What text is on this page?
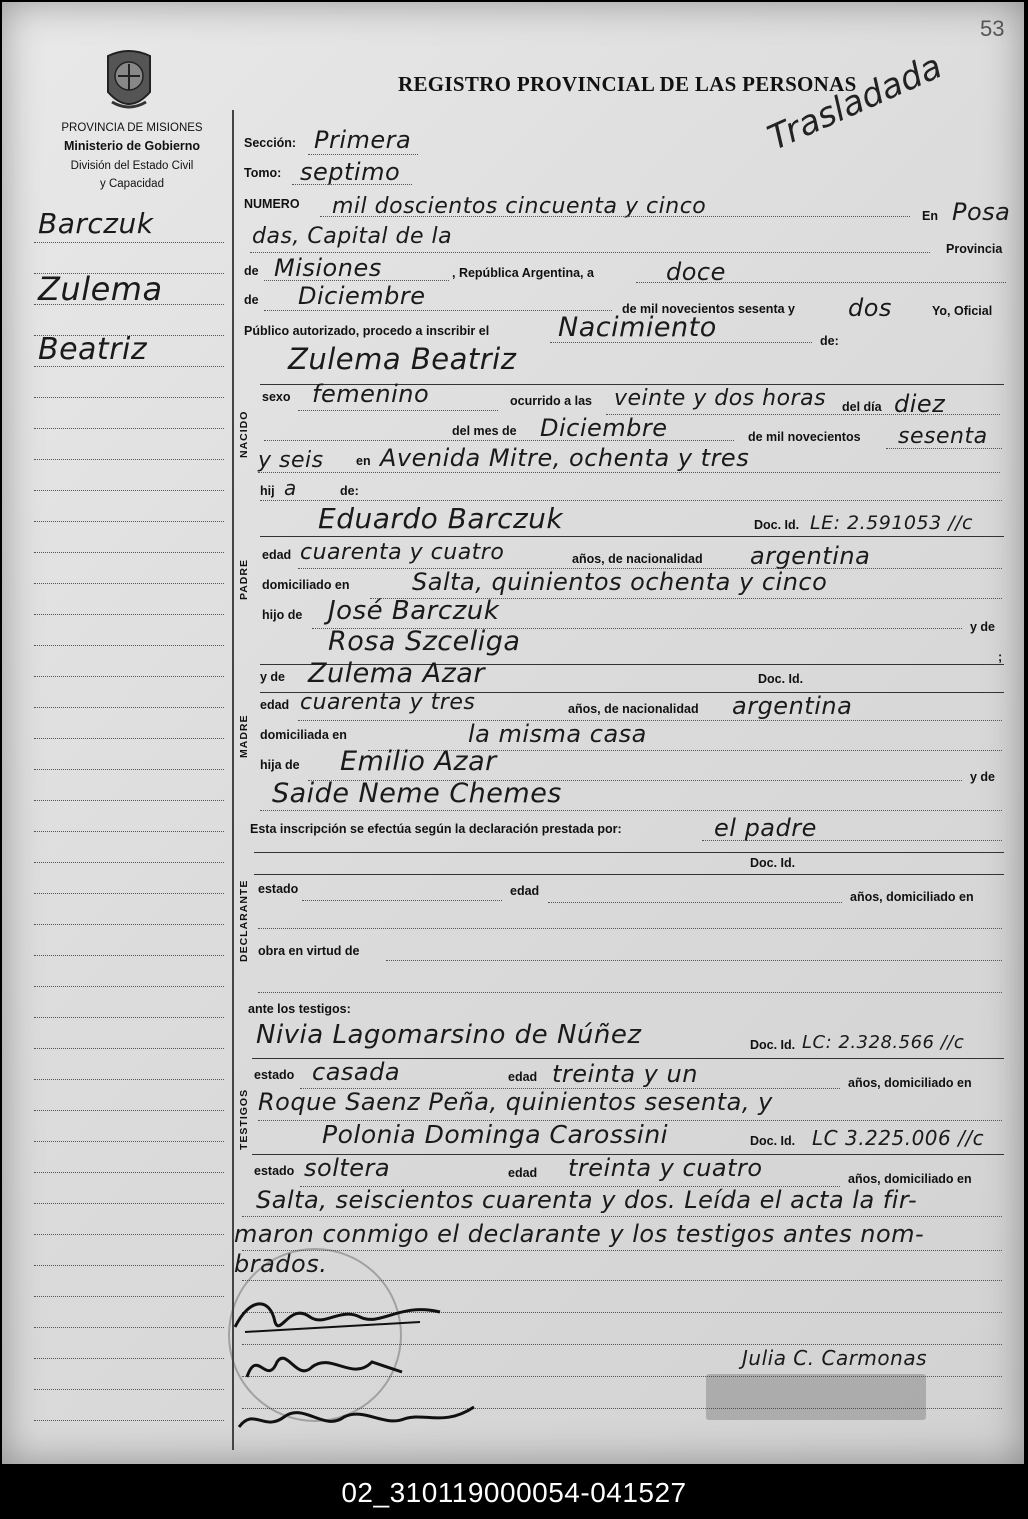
PROVINCIA DE MISIONES
Ministerio de Gobierno
División del Estado Civil
y Capacidad
REGISTRO PROVINCIAL DE LAS PERSONAS
53
Trasladada
Barczuk
Zulema
Beatriz
Sección: Primera
Tomo: septimo
NUMERO mil doscientos cincuenta y cinco	En Posa
das, Capital de la	Provincia
de Misiones	, República Argentina, a	doce
de Diciembre	de mil novecientos sesenta y dos	Yo, Oficial
Público autorizado, procedo a inscribir el	Nacimiento	de:
Zulema Beatriz
NACIDO
sexo femenino	ocurrido a las veinte y dos horas del día diez
del mes de Diciembre	de mil novecientos sesenta
y seis	en Avenida Mitre, ochenta y tres
hij a	de:
PADRE
Eduardo Barczuk	Doc. Id. LE: 2.591053 //c
edad cuarenta y cuatro	años, de nacionalidad argentina
domiciliado en	Salta, quinientos ochenta y cinco
hijo de José Barczuk
y de
Rosa Szceliga	;
MADRE
y de Zulema Azar	Doc. Id.
edad cuarenta y tres	años, de nacionalidad argentina
domiciliada en	la misma casa
hija de Emilio Azar	y de
Saide Neme Chemes
Esta inscripción se efectúa según la declaración prestada por:	el padre
DECLARANTE
Doc. Id.
estado	edad	años, domiciliado en
obra en virtud de
ante los testigos:
TESTIGOS
Nivia Lagomarsino de Núñez	Doc. Id. LC: 2.328.566 //c
estado casada	edad treinta y un	años, domiciliado en
Roque Saenz Peña, quinientos sesenta, y
Polonia Dominga Carossini	Doc. Id. LC 3.225.006 //c
estado soltera	edad treinta y cuatro	años, domiciliado en
Salta, seiscientos cuarenta y dos. Leída el acta la fir-
maron conmigo el declarante y los testigos antes nom-
brados.
Julia C. Carmonas
02_310119000054-041527
